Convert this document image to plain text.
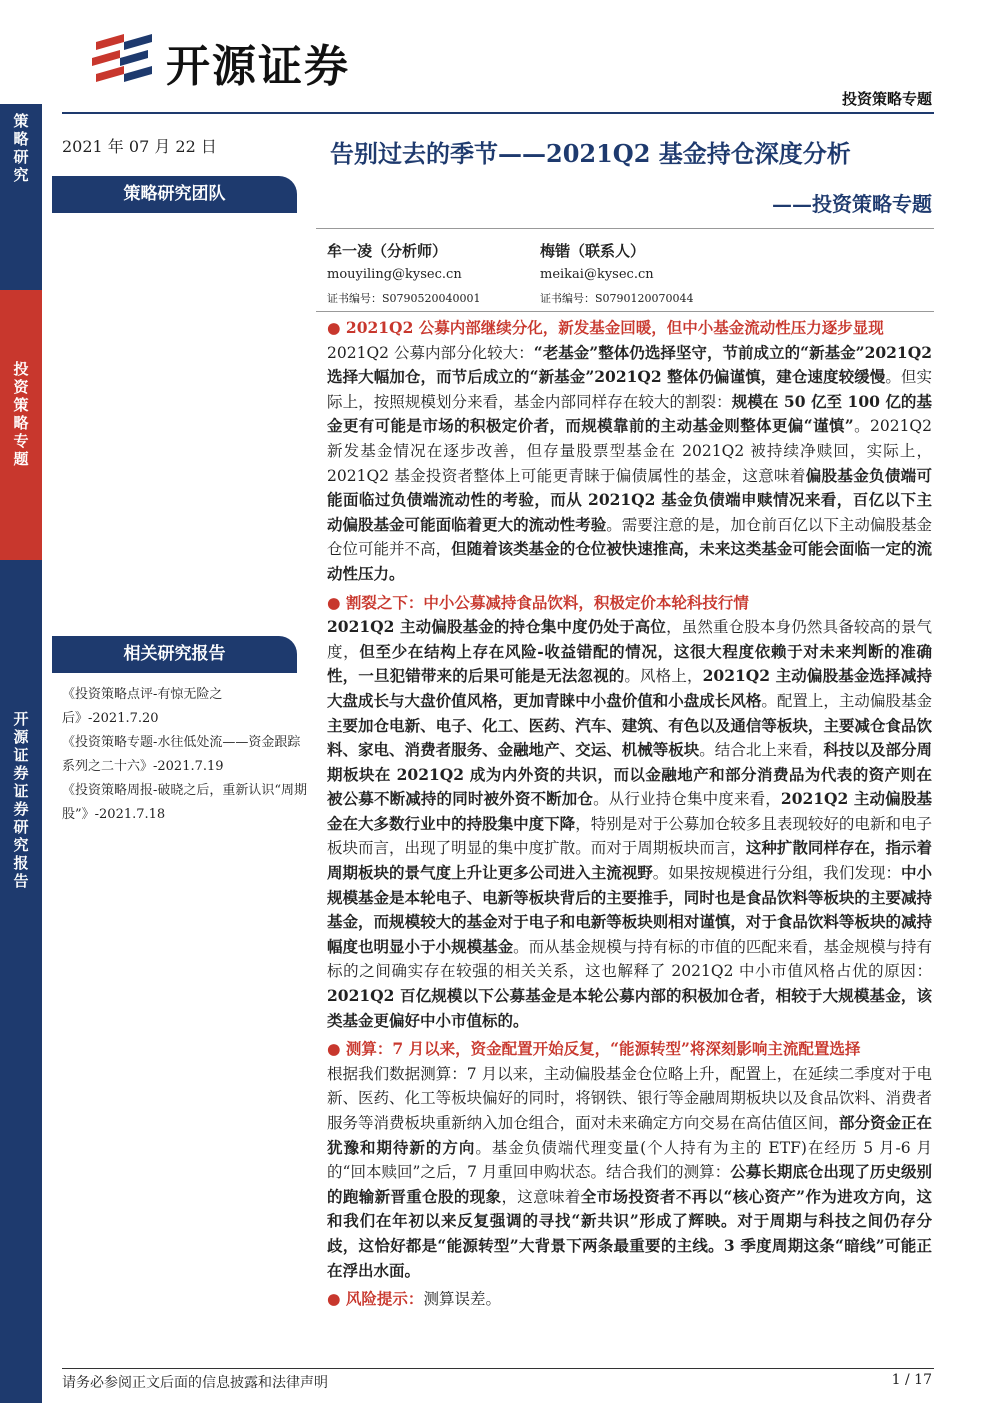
开源证券
投资策略专题
策略研究
投资策略专题
开源证券 证券研究报告
2021 年 07 月 22 日
策略研究团队
相关研究报告
《投资策略点评-有惊无险之后》-2021.7.20
《投资策略专题-水往低处流——资金跟踪系列之二十六》-2021.7.19
《投资策略周报-破晓之后，重新认识“周期股”》-2021.7.18
告别过去的季节——2021Q2 基金持仓深度分析
——投资策略专题
牟一凌（分析师）
mouyiling@kysec.cn
证书编号：S0790520040001
梅锴（联系人）
meikai@kysec.cn
证书编号：S0790120070044
● 2021Q2 公募内部继续分化，新发基金回暖，但中小基金流动性压力逐步显现
2021Q2 公募内部分化较大：“老基金”整体仍选择坚守，节前成立的“新基金”2021Q2 选择大幅加仓，而节后成立的“新基金”2021Q2 整体仍偏谨慎，建仓速度较缓慢。但实际上，按照规模划分来看，基金内部同样存在较大的割裂：规模在 50 亿至 100 亿的基金更有可能是市场的积极定价者，而规模靠前的主动基金则整体更偏“谨慎”。2021Q2 新发基金情况在逐步改善，但存量股票型基金在 2021Q2 被持续净赎回，实际上，2021Q2 基金投资者整体上可能更青睐于偏债属性的基金，这意味着偏股基金负债端可能面临过负债端流动性的考验，而从 2021Q2 基金负债端申赎情况来看，百亿以下主动偏股基金可能面临着更大的流动性考验。需要注意的是，加仓前百亿以下主动偏股基金仓位可能并不高，但随着该类基金的仓位被快速推高，未来这类基金可能会面临一定的流动性压力。
● 割裂之下：中小公募减持食品饮料，积极定价本轮科技行情
2021Q2 主动偏股基金的持仓集中度仍处于高位，虽然重仓股本身仍然具备较高的景气度，但至少在结构上存在风险-收益错配的情况，这很大程度依赖于对未来判断的准确性，一旦犯错带来的后果可能是无法忽视的。风格上，2021Q2 主动偏股基金选择减持大盘成长与大盘价值风格，更加青睐中小盘价值和小盘成长风格。配置上，主动偏股基金主要加仓电新、电子、化工、医药、汽车、建筑、有色以及通信等板块，主要减仓食品饮料、家电、消费者服务、金融地产、交运、机械等板块。结合北上来看，科技以及部分周期板块在 2021Q2 成为内外资的共识，而以金融地产和部分消费品为代表的资产则在被公募不断减持的同时被外资不断加仓。从行业持仓集中度来看，2021Q2 主动偏股基金在大多数行业中的持股集中度下降，特别是对于公募加仓较多且表现较好的电新和电子板块而言，出现了明显的集中度扩散。而对于周期板块而言，这种扩散同样存在，指示着周期板块的景气度上升让更多公司进入主流视野。如果按规模进行分组，我们发现：中小规模基金是本轮电子、电新等板块背后的主要推手，同时也是食品饮料等板块的主要减持基金，而规模较大的基金对于电子和电新等板块则相对谨慎，对于食品饮料等板块的减持幅度也明显小于小规模基金。而从基金规模与持有标的市值的匹配来看，基金规模与持有标的之间确实存在较强的相关关系，这也解释了 2021Q2 中小市值风格占优的原因：2021Q2 百亿规模以下公募基金是本轮公募内部的积极加仓者，相较于大规模基金，该类基金更偏好中小市值标的。
● 测算：7 月以来，资金配置开始反复，“能源转型”将深刻影响主流配置选择
根据我们数据测算：7 月以来，主动偏股基金仓位略上升，配置上，在延续二季度对于电新、医药、化工等板块偏好的同时，将钢铁、银行等金融周期板块以及食品饮料、消费者服务等消费板块重新纳入加仓组合，面对未来确定方向交易在高估值区间，部分资金正在犹豫和期待新的方向。基金负债端代理变量(个人持有为主的 ETF)在经历 5 月-6 月的“回本赎回”之后，7 月重回申购状态。结合我们的测算：公募长期底仓出现了历史级别的跑输新晋重仓股的现象，这意味着全市场投资者不再以“核心资产”作为进攻方向，这和我们在年初以来反复强调的寻找“新共识”形成了辉映。对于周期与科技之间仍存分歧，这恰好都是“能源转型”大背景下两条最重要的主线。3 季度周期这条“暗线”可能正在浮出水面。
● 风险提示：测算误差。
请务必参阅正文后面的信息披露和法律声明	1 / 17
